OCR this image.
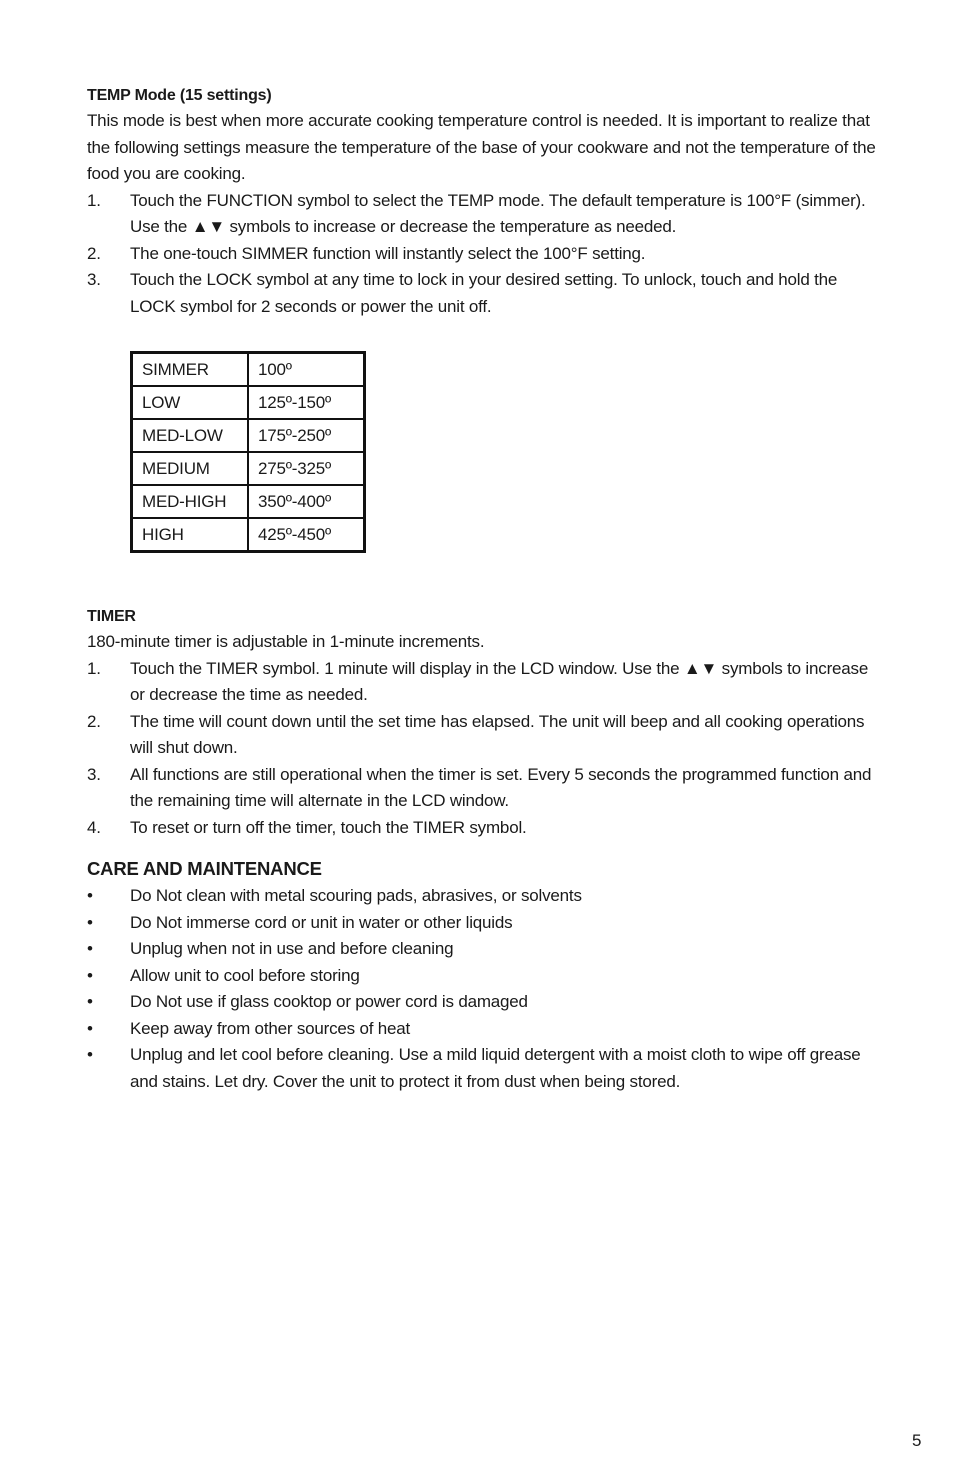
TEMP Mode (15 settings)

This mode is best when more accurate cooking temperature control is needed. It is important to realize that the following settings measure the temperature of the base of your cookware and not the temperature of the food you are cooking.

1. Touch the FUNCTION symbol to select the TEMP mode. The default temperature is 100°F (simmer). Use the ▲▼ symbols to increase or decrease the temperature as needed.
2. The one-touch SIMMER function will instantly select the 100°F setting.
3. Touch the LOCK symbol at any time to lock in your desired setting. To unlock, touch and hold the LOCK symbol for 2 seconds or power the unit off.
SIMMER	100º
LOW	125º-150º
MED-LOW	175º-250º
MEDIUM	275º-325º
MED-HIGH	350º-400º
HIGH	425º-450º
TIMER

180-minute timer is adjustable in 1-minute increments.

1. Touch the TIMER symbol. 1 minute will display in the LCD window. Use the ▲▼ symbols to increase or decrease the time as needed.
2. The time will count down until the set time has elapsed. The unit will beep and all cooking operations will shut down.
3. All functions are still operational when the timer is set. Every 5 seconds the programmed function and the remaining time will alternate in the LCD window.
4. To reset or turn off the timer, touch the TIMER symbol.
CARE AND MAINTENANCE
• Do Not clean with metal scouring pads, abrasives, or solvents
• Do Not immerse cord or unit in water or other liquids
• Unplug when not in use and before cleaning
• Allow unit to cool before storing
• Do Not use if glass cooktop or power cord is damaged
• Keep away from other sources of heat
• Unplug and let cool before cleaning. Use a mild liquid detergent with a moist cloth to wipe off grease and stains. Let dry. Cover the unit to protect it from dust when being stored.
5
